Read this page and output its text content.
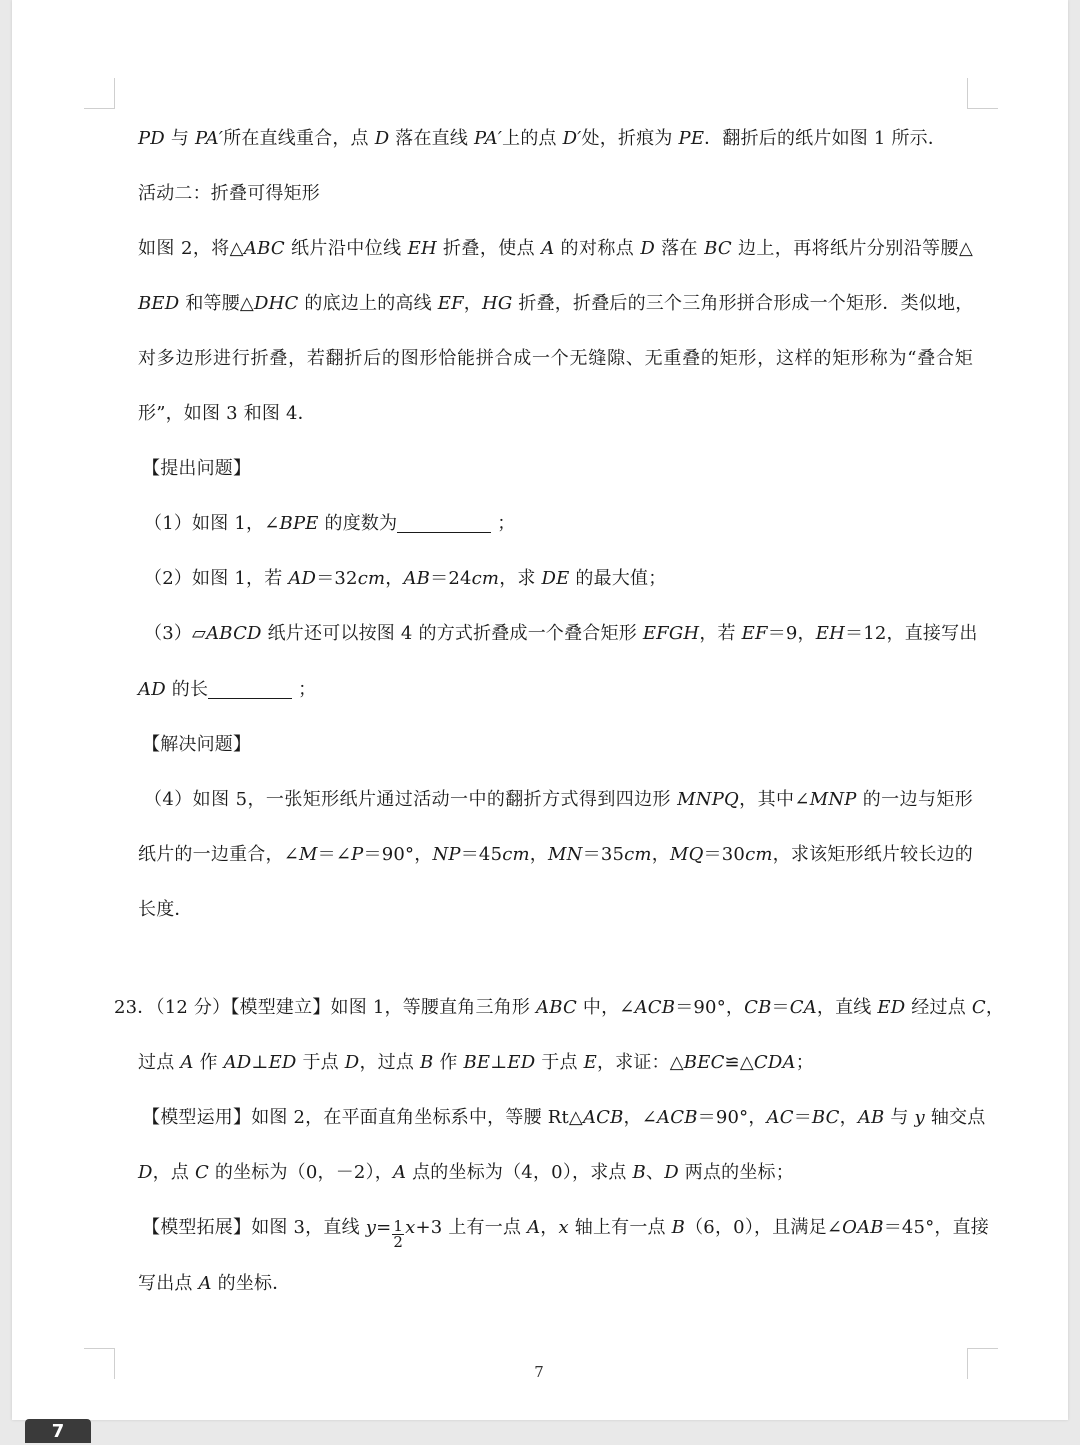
PD 与 PA′所在直线重合，点 D 落在直线 PA′上的点 D′处，折痕为 PE．翻折后的纸片如图 1 所示．
活动二：折叠可得矩形
如图 2，将△ABC 纸片沿中位线 EH 折叠，使点 A 的对称点 D 落在 BC 边上，再将纸片分别沿等腰△
BED 和等腰△DHC 的底边上的高线 EF，HG 折叠，折叠后的三个三角形拼合形成一个矩形．类似地，
对多边形进行折叠，若翻折后的图形恰能拼合成一个无缝隙、无重叠的矩形，这样的矩形称为“叠合矩
形”，如图 3 和图 4．
【提出问题】
（1）如图 1，∠BPE 的度数为	；
（2）如图 1，若 AD＝32cm，AB＝24cm，求 DE 的最大值；
（3）▱ABCD 纸片还可以按图 4 的方式折叠成一个叠合矩形 EFGH，若 EF＝9，EH＝12，直接写出
AD 的长	；
【解决问题】
（4）如图 5，一张矩形纸片通过活动一中的翻折方式得到四边形 MNPQ，其中∠MNP 的一边与矩形
纸片的一边重合，∠M＝∠P＝90°，NP＝45cm，MN＝35cm，MQ＝30cm，求该矩形纸片较长边的
长度．
23．（12 分）【模型建立】如图 1，等腰直角三角形 ABC 中，∠ACB＝90°，CB＝CA，直线 ED 经过点 C，
过点 A 作 AD⊥ED 于点 D，过点 B 作 BE⊥ED 于点 E，求证：△BEC≌△CDA；
【模型运用】如图 2，在平面直角坐标系中，等腰 Rt△ACB，∠ACB＝90°，AC＝BC，AB 与 y 轴交点
D，点 C 的坐标为（0，－2），A 点的坐标为（4，0），求点 B、D 两点的坐标；
【模型拓展】如图 3，直线 $y= \frac{1}{2} x+3$ 上有一点 A，x 轴上有一点 B（6，0），且满足∠OAB＝45°，直接
写出点 A 的坐标．
7
7
